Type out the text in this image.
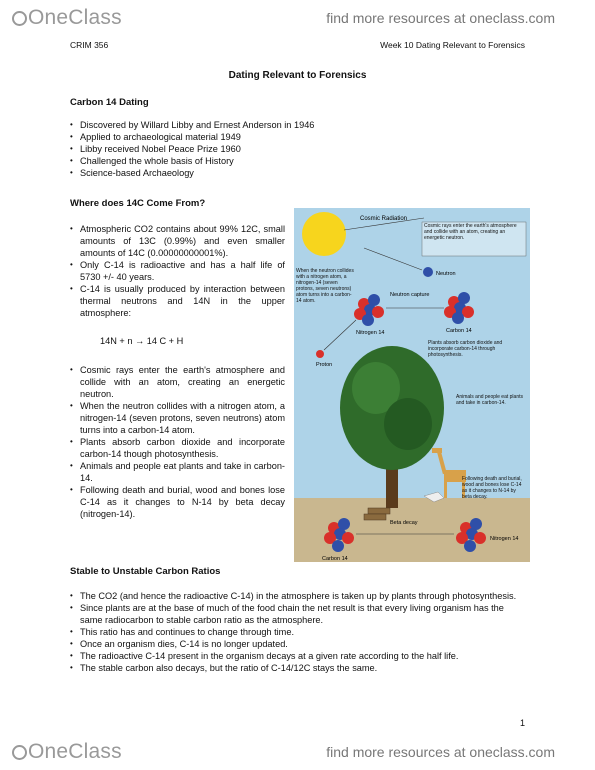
OneClass	find more resources at oneclass.com
CRIM 356	Week 10 Dating Relevant to Forensics
Dating Relevant to Forensics
Carbon 14 Dating
• Discovered by Willard Libby and Ernest Anderson in 1946
• Applied to archaeological material 1949
• Libby received Nobel Peace Prize 1960
• Challenged the whole basis of History
• Science-based Archaeology
Where does 14C Come From?
• Atmospheric CO2 contains about 99% 12C, small amounts of 13C (0.99%) and even smaller amounts of 14C (0.00000000001%).
• Only C-14 is radioactive and has a half life of 5730 +/- 40 years.
• C-14 is usually produced by interaction between thermal neutrons and 14N in the upper atmosphere:
14N + n → 14 C + H
• Cosmic rays enter the earth's atmosphere and collide with an atom, creating an energetic neutron.
• When the neutron collides with a nitrogen atom, a nitrogen-14 (seven protons, seven neutrons) atom turns into a carbon-14 atom.
• Plants absorb carbon dioxide and incorporate carbon-14 though photosynthesis.
• Animals and people eat plants and take in carbon-14.
• Following death and burial, wood and bones lose C-14 as it changes to N-14 by beta decay (nitrogen-14).
Cosmic Radiation
Cosmic rays enter the earth's atmosphere and collide with an atom, creating an energetic neutron.
Neutron
When the neutron collides with a nitrogen atom, a nitrogen-14 (seven protons, seven neutrons) atom turns into a carbon-14 atom.
Nitrogen 14
Neutron capture
Carbon 14
Proton
Plants absorb carbon dioxide and incorporate carbon-14 through photosynthesis.
Animals and people eat plants and take in carbon-14.
Following death and burial, wood and bones lose C-14 as it changes to N-14 by beta decay.
Carbon 14
Beta decay
Nitrogen 14
Stable to Unstable Carbon Ratios
• The CO2 (and hence the radioactive C-14) in the atmosphere is taken up by plants through photosynthesis.
• Since plants are at the base of much of the food chain the net result is that every living organism has the same radiocarbon to stable carbon ratio as the atmosphere.
• This ratio has and continues to change through time.
• Once an organism dies, C-14 is no longer updated.
• The radioactive C-14 present in the organism decays at a given rate according to the half life.
• The stable carbon also decays, but the ratio of C-14/12C stays the same.
1
OneClass	find more resources at oneclass.com
